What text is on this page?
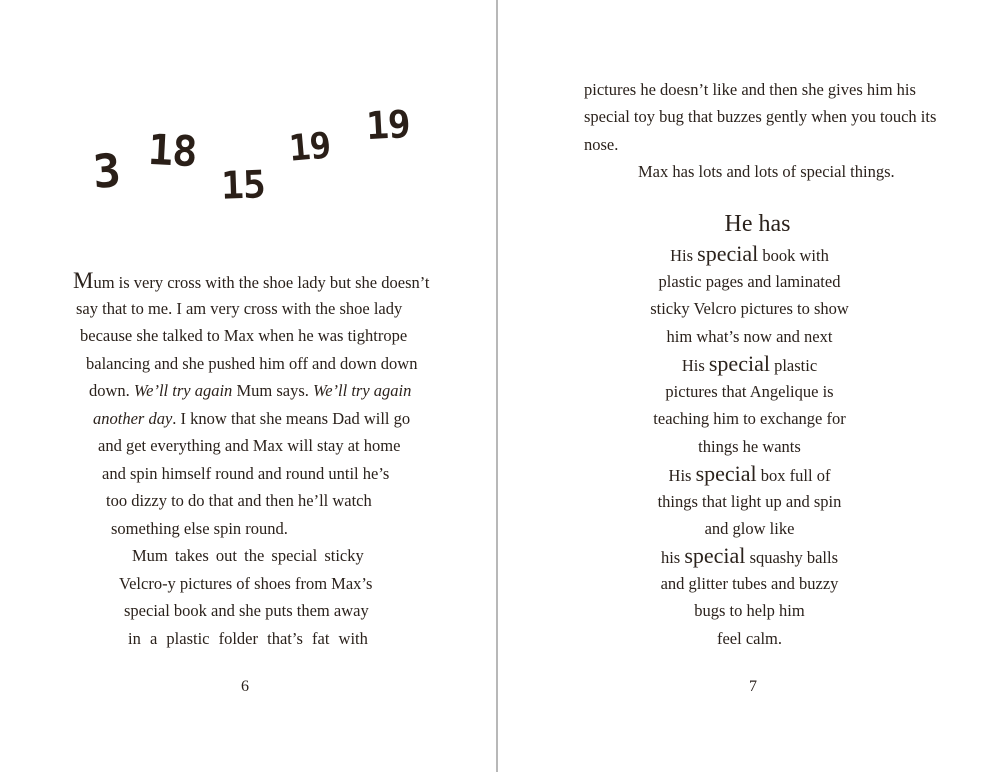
3 18
15
19 19
Mum is very cross with the shoe lady but she doesn’t
say that to me. I am very cross with the shoe lady
because she talked to Max when he was tightrope
balancing and she pushed him off and down down
down. We’ll try again Mum says. We’ll try again
another day. I know that she means Dad will go
and get everything and Max will stay at home
and spin himself round and round until he’s
too dizzy to do that and then he’ll watch
something else spin round.
Mum takes out the special sticky
Velcro-y pictures of shoes from Max’s
special book and she puts them away
in a plastic folder that’s fat with
6
pictures he doesn’t like and then she gives him his
special toy bug that buzzes gently when you touch its
nose.
Max has lots and lots of special things.
He has
His special book with
plastic pages and laminated
sticky Velcro pictures to show
him what’s now and next
His special plastic
pictures that Angelique is
teaching him to exchange for
things he wants
His special box full of
things that light up and spin
and glow like
his special squashy balls
and glitter tubes and buzzy
bugs to help him
feel calm.
7
